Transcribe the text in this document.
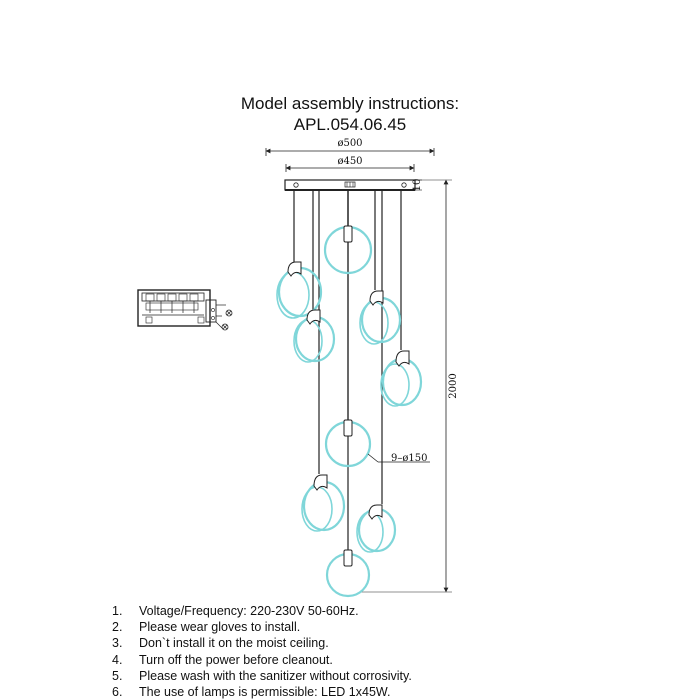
Model assembly instructions:
APL.054.06.45
ø500
ø450
10
2000
9–ø150
1. Voltage/Frequency: 220-230V 50-60Hz.
2. Please wear gloves to install.
3. Don`t install it on the moist ceiling.
4. Turn off the power before cleanout.
5. Please wash with the sanitizer without corrosivity.
6. The use of lamps is permissible: LED 1x45W.
